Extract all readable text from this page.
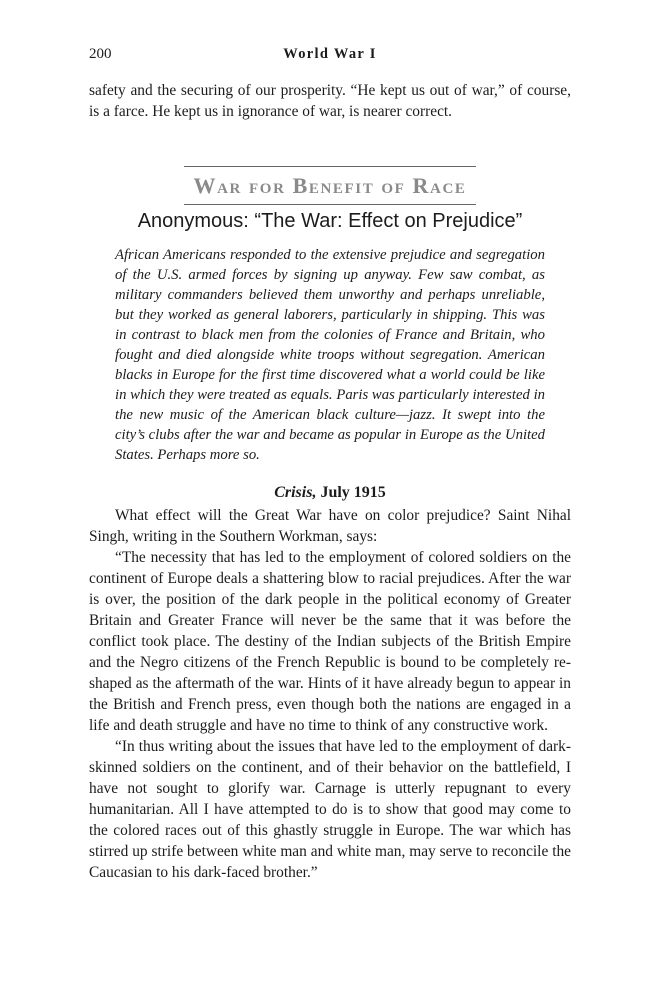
200	World War I

safety and the securing of our prosperity. “He kept us out of war,” of course, is a farce. He kept us in ignorance of war, is nearer correct.

War for Benefit of Race
Anonymous: “The War: Effect on Prejudice”

African Americans responded to the extensive prejudice and segregation of the U.S. armed forces by signing up anyway. Few saw combat, as military commanders believed them unworthy and perhaps unreliable, but they worked as general laborers, particularly in shipping. This was in contrast to black men from the colonies of France and Britain, who fought and died alongside white troops without segregation. American blacks in Europe for the first time discovered what a world could be like in which they were treated as equals. Paris was particularly interested in the new music of the American black culture—jazz. It swept into the city’s clubs after the war and became as popular in Europe as the United States. Perhaps more so.

Crisis, July 1915

What effect will the Great War have on color prejudice? Saint Nihal Singh, writing in the Southern Workman, says:

“The necessity that has led to the employment of colored soldiers on the continent of Europe deals a shattering blow to racial prejudices. After the war is over, the position of the dark people in the political economy of Greater Britain and Greater France will never be the same that it was before the conflict took place. The destiny of the Indian subjects of the British Empire and the Negro citizens of the French Republic is bound to be completely re-shaped as the aftermath of the war. Hints of it have already begun to appear in the British and French press, even though both the nations are engaged in a life and death struggle and have no time to think of any constructive work.

“In thus writing about the issues that have led to the employment of dark-skinned soldiers on the continent, and of their behavior on the battlefield, I have not sought to glorify war. Carnage is utterly repugnant to every humanitarian. All I have attempted to do is to show that good may come to the colored races out of this ghastly struggle in Europe. The war which has stirred up strife between white man and white man, may serve to reconcile the Caucasian to his dark-faced brother.”
